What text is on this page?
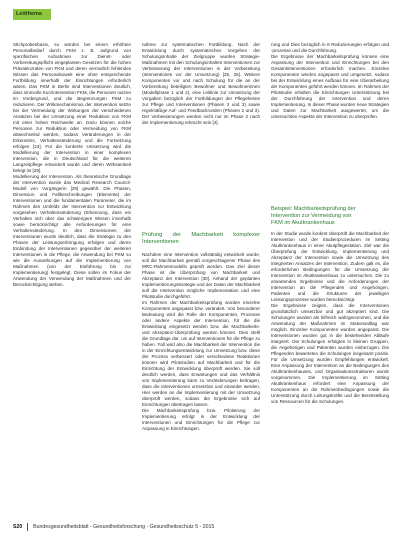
Leitthema

Stichprobenbasis, so würden bei einem erhöhten Personalbedarf durch FKM z. B. aufgrund von spezifischen Aufnahmen zur Dienst- oder Vorbereitungspflicht eingeplanten Gesetzen für die hohen Prävalenzraten von FKM und deren vermutlich fehlendes Wissen das Personalsoweit eine ohne entsprechende Fortbildung innerhalb der Einrichtungen erforderlich wären. Das FKM in Berlin sind Interventionen deutlich, dass sinnvolle Kurzintervention FKM, die Personen nutzen im Vordergrund, und die Begrenzungen FKM zu reduzieren. Der Wirkmechanismus der Intervention setzte bei der Vermeidung der Wirkungen der verschiedenen Ansätzen bei der Umsetzung einer Reduktion von FKM mit einer hohen Reichweite an. Dazu können solche Personen zur Reduktion oder Vermeidung von FKM abwechselnd werden, sodass Veränderungen in der Erkenntnis, Verhaltensänderung und die Fortsetzung erfolgen [23]. Für die konkrete Umsetzung wird die Modellierung der Intervention in einer komplexen Intervention, die in Deutschland für die weiteren Langzeitpflege entwickelt wurde und deren Wirksamkeit belegt ist [29].

Modellierung der Intervention. Als theoretische Grundlage der Intervention wurde das Medical Research Council-Modell von Vorgängerin [29] gewählt. Die Phasen, Dimension und Fallbeschreibungen (Elemente) der Interventionen und die fundamentalen Parameter, die im Rahmen des Umfelds der Intervention zur Entwicklung vorgesehen Verhaltensänderung (Erkennung, dass ein Verhalten sich über das schwierigere Wissen innerhalb sowie berücksichtigt alle Anforderungen für eine Verhaltensänderung. In den Dimensionen der Interventionen wurde deutlich, dass die Strategie zu den Phasen der Leistungserbringung erfolgen und deren Einbindung der Interventionen gegenüber der weiteren Interventionen in die Pflege, die Anwendung bei FKM so wie die Auswirkungen auf die Implementierung von Maßnahmen (von der Einführung bis zur Implementierung) festgelegt. Diese sollen im Fokus der Anwendung der Verwendung der Maßnahmen und der Berücksichtigung stehen.

nahme zur systematischen Fortbildung. Nach der Entwicklung durch systematisches Vorgehen der Schulungsinhalte der Zielgruppe wurden Strategie-Maßnahmen mit den Schulungsinhalten Interventionen zur Verbesserung der Interventionen in der Vorbereitung (Interventionen vor der Umsetzung) [25, 26]. Weitere Komponenten vor und nach Schulung für die an der Vorbereitung beteiligten Bewohner und Bewohnerinnen (Modellphase 1 und 2), eine Leitlinie zur Umsetzung der Vorgaben bezüglich der Fortbildungen der Pflegeheime zur Pflege und Interventionen (Phasen 2 und 3) sowie regelmäßige Auf- und Feedbackrunden (Phasen 2 und 3). Der Verbesserungen werden nicht nur im Phase 2 nach der Implementierung erbracht sein [4].

Prüfung der Machbarkeit komplexer Interventionen

Nachdem eine Intervention vollständig entwickelt wurde, soll die Machbarkeit gemäß vorgeschlagener Phase des MRC-Rahmenmodells geprüft werden. Das Ziel dieser Phase ist die Überprüfung von Machbarkeit und Akzeptanz der Intervention [30]. Anhand der geplanten Implementierungsstrategie und der Daten der Machbarkeit soll die Intervention mögliche Implementation und eine Pilotstudie durchgeführt.

Im Rahmen der Machbarkeitsprüfung wurden einzelne Komponenten angepasst bzw. verändert. Von besonderer Bedeutung wird die Rolle der Komponenten, Prozesse oder andere Aspekte der Intervention, für die die Entwicklung eingesetzt werden bzw. die Machbarkeits- und Akzeptanz-Überprüfung werden können. Dies stellt die Grundlage dar, um auf Interventionen für die Pflege zu haben. Fall wird also die Machbarkeit der Intervention die in der Einrichtungsentwicklung zur Umsetzung bzw. diese der Prozess verbessert oder verschiedene Reaktionen können wird Pilotstudien auf Machbarkeit und für die Einrichtung der Entwicklung überprüft werden. Sie soll deutlich werden, dass Erwartungen und das Verhältnis von Implementierung kann zu Veränderungen beitragen, dass die Interventionen umsetzbar und einander werden. Hier werden an die Implementierung mit der Umsetzung überprüft werden, sodass die Ergebnisse sich auf Einrichtungen übertragen lassen.

Die Machbarkeitsprüfung bzw. Pilotierung der Implementierung erfolgt in der Entwicklung der Interventionen und Einrichtungen für die Pflege zur Anpassung in Einrichtungen.

rung und Dies bezüglich in 8 Reduzierungen erfolgen und -prozesse und die Durchführung.

Die Ergebnisse der Machbarkeitsprüfung können eine Anpassung der Intervention und Einrichtungen bei den Gesamtinterventionen erforderlich machen. Einzelne Komponenten werden angepasst und umgesetzt, sodass bei der Entwicklung eines Aufbaus für eine Überarbeitung der Komponenten geführt werden können. Im Rahmen der Pilotstudie erhalten die Einrichtungen Unterstützung bei der Durchführung der Intervention und deren Implementierung. In dieser Phase wurden neue Strategien und Daten zur Machbarkeit ausgewertet, um die untersuchten Aspekte der Intervention zu überprüfen.

Beispiel: Machbarkeitsprüfung der
Intervention zur Vermeidung von
FKM im Akutkrankenhaus

In der Studie wurde konkret überprüft die Machbarkeit der Intervention und der Studienprozeduren im Setting Akutkrankenhaus in einer Akutpflegestation. Ziel war die Überprüfung der Entwicklung, Implementierung und Akzeptanz der Intervention sowie die Umsetzung des integrierten Ansatzes der Intervention. Zudem galt es, die erforderlichen Bedingungen für die Umsetzung der Intervention im Akutkrankenhaus zu untersuchen. Die zu erwartenden Ergebnisse und die Anforderungen der Intervention an die Pflegenden und Angehörigen, Patienten und die Strukturen der jeweiligen Leistungsprozesse wurden berücksichtigt.

Die Ergebnisse zeigten, dass die Interventionen grundsätzlich umsetzbar und gut akzeptiert sind. Die Schulungen wurden als hilfreich wahrgenommen, und die Anwendung der Maßnahmen im Stationsalltag war möglich. Einzelne Komponenten wurden angepasst. Die Interventionen wurden gut in die bestehenden Abläufe integriert. Die Schulungen erfolgten in kleinen Gruppen, die Angehörigen und Patienten wurden einbezogen. Die Pflegenden bewerteten die Schulungen insgesamt positiv. Für die Umsetzung wurden Empfehlungen entwickelt. Eine Anpassung der Intervention an die Bedingungen des Akutkrankenhauses, und Organisationsstrukturen wurde vorgenommen. Die Implementierung im Setting Akutkrankenhaus erfordert eine Anpassung der Komponenten an die Rahmenbedingungen sowie die Unterstützung durch Leitungskräfte und die Bereitstellung von Ressourcen für die Schulungen.

S20 Bundesgesundheitsblatt - Gesundheitsforschung - Gesundheitsschutz 5 - 2015
